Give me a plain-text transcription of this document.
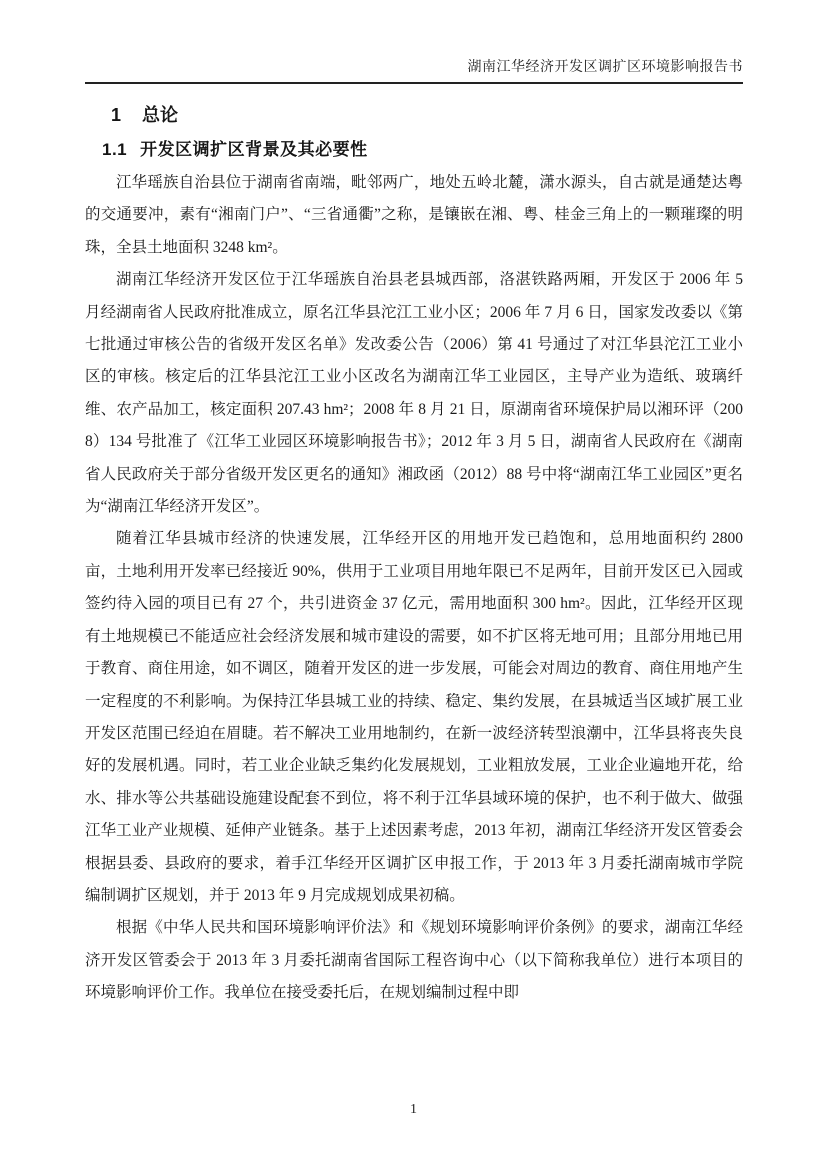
湖南江华经济开发区调扩区环境影响报告书
1 总论
1.1 开发区调扩区背景及其必要性

江华瑶族自治县位于湖南省南端，毗邻两广，地处五岭北麓，潇水源头，自古就是通楚达粤的交通要冲，素有“湘南门户”、“三省通衢”之称，是镶嵌在湘、粤、桂金三角上的一颗璀璨的明珠，全县土地面积 3248 km²。

湖南江华经济开发区位于江华瑶族自治县老县城西部，洛湛铁路两厢，开发区于 2006 年 5 月经湖南省人民政府批准成立，原名江华县沱江工业小区；2006 年 7 月 6 日，国家发改委以《第七批通过审核公告的省级开发区名单》发改委公告（2006）第 41 号通过了对江华县沱江工业小区的审核。核定后的江华县沱江工业小区改名为湖南江华工业园区，主导产业为造纸、玻璃纤维、农产品加工，核定面积 207.43 hm²；2008 年 8 月 21 日，原湖南省环境保护局以湘环评（2008）134 号批准了《江华工业园区环境影响报告书》；2012 年 3 月 5 日，湖南省人民政府在《湖南省人民政府关于部分省级开发区更名的通知》湘政函（2012）88 号中将“湖南江华工业园区”更名为“湖南江华经济开发区”。

随着江华县城市经济的快速发展，江华经开区的用地开发已趋饱和，总用地面积约 2800 亩，土地利用开发率已经接近 90%，供用于工业项目用地年限已不足两年，目前开发区已入园或签约待入园的项目已有 27 个，共引进资金 37 亿元，需用地面积 300 hm²。因此，江华经开区现有土地规模已不能适应社会经济发展和城市建设的需要，如不扩区将无地可用；且部分用地已用于教育、商住用途，如不调区，随着开发区的进一步发展，可能会对周边的教育、商住用地产生一定程度的不利影响。为保持江华县城工业的持续、稳定、集约发展，在县城适当区域扩展工业开发区范围已经迫在眉睫。若不解决工业用地制约，在新一波经济转型浪潮中，江华县将丧失良好的发展机遇。同时，若工业企业缺乏集约化发展规划，工业粗放发展，工业企业遍地开花，给水、排水等公共基础设施建设配套不到位，将不利于江华县域环境的保护，也不利于做大、做强江华工业产业规模、延伸产业链条。基于上述因素考虑，2013 年初，湖南江华经济开发区管委会根据县委、县政府的要求，着手江华经开区调扩区申报工作，于 2013 年 3 月委托湖南城市学院编制调扩区规划，并于 2013 年 9 月完成规划成果初稿。

根据《中华人民共和国环境影响评价法》和《规划环境影响评价条例》的要求，湖南江华经济开发区管委会于 2013 年 3 月委托湖南省国际工程咨询中心（以下简称我单位）进行本项目的环境影响评价工作。我单位在接受委托后，在规划编制过程中即

1
